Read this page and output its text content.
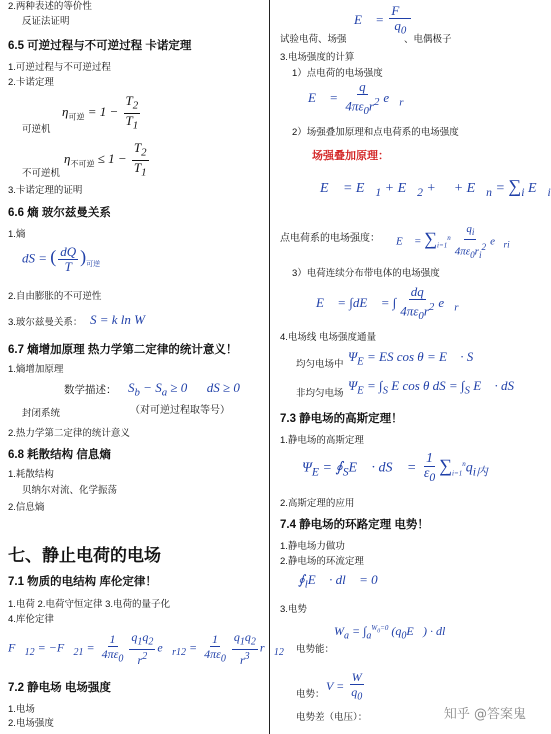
2.两种表述的等价性
反证法证明
6.5 可逆过程与不可逆过程 卡诺定理
1.可逆过程与不可逆过程
2.卡诺定理
$\eta_{可逆} = 1 - \frac{T_2}{T_1}$
可逆机
$\eta_{不可逆} \le 1 - \frac{T_2}{T_1}$
不可逆机
3.卡诺定理的证明
6.6 熵 玻尔兹曼关系
1.熵
dS = ( $\frac{dQ}{T} )_{可逆}$
2.自由膨胀的不可逆性
3.玻尔兹曼关系： S = k ln W
6.7 熵增加原理 热力学第二定律的统计意义！
1.熵增加原理
数学描述： $S_b - S_a \ge 0$      dS ≥ 0
（对可逆过程取等号）
封闭系统
2.热力学第二定律的统计意义
6.8 耗散结构 信息熵
1.耗散结构
贝纳尔对流、化学振荡
2.信息熵
七、静止电荷的电场
7.1 物质的电结构 库伦定律！
1.电荷 2.电荷守恒定律 3.电荷的量子化
4.库伦定律
$F⃗_{12}$ = $-F⃗_{21} = \frac{1}{4\pi\varepsilon_0} \frac{q_1q_2}{r^2}$ $e⃗_{r12} = \frac{1}{4\pi\varepsilon_0} \frac{q_1q_2}{r^3}$ $r⃗_{12}$
7.2 静电场 电场强度
1.电场
2.电场强度
E⃗ = $\frac{F⃗}{q_0}$
试验电荷、场强	、电偶极子
3.电场强度的计算
1）点电荷的电场强度
E⃗ = $\frac{q}{4\pi\varepsilon_0r^2}$ $e⃗_r$
2）场强叠加原理和点电荷系的电场强度
场强叠加原理：
E⃗ = $E⃗_1$ + $E⃗_2$ + ⋯ + $E⃗_n = \sum_i$ $E⃗_i$
点电荷系的电场强度： E⃗ = $\sum_{i=1}^n \frac{q_i}{4\pi\varepsilon_0r_i^2}$ $e⃗_{ri}$
3）电荷连续分布带电体的电场强度
E⃗ = ∫dE⃗ = ∫ $\frac{dq}{4\pi\varepsilon_0r^2}$ $e⃗_r$
4.电场线 电场强度通量
均匀电场中
$\Psi_E$ = ES cos θ = E⃗ · S⃗
非均匀电场
$\Psi_E = \int_S$ E cos θ dS = $\int_S$ E⃗ · dS⃗
7.3 静电场的高斯定理！
1.静电场的高斯定理
$\Psi_E$ = $∮_SE⃗$ · dS⃗ = $\frac{1}{\varepsilon_0} \sum_{i=1}^nq_{i内}$
2.高斯定理的应用
7.4 静电场的环路定理 电势！
1.静电场力做功
2.静电场的环流定理
$∮_lE⃗$ · dl⃗ = 0
3.电势
电势能：
$W_a = \int_a^{W_0=0}$ $(q_0E⃗)$ · dl⃗
电势：
$V = \frac{W}{q_0}$
电势差（电压）：	知乎 @答案鬼
